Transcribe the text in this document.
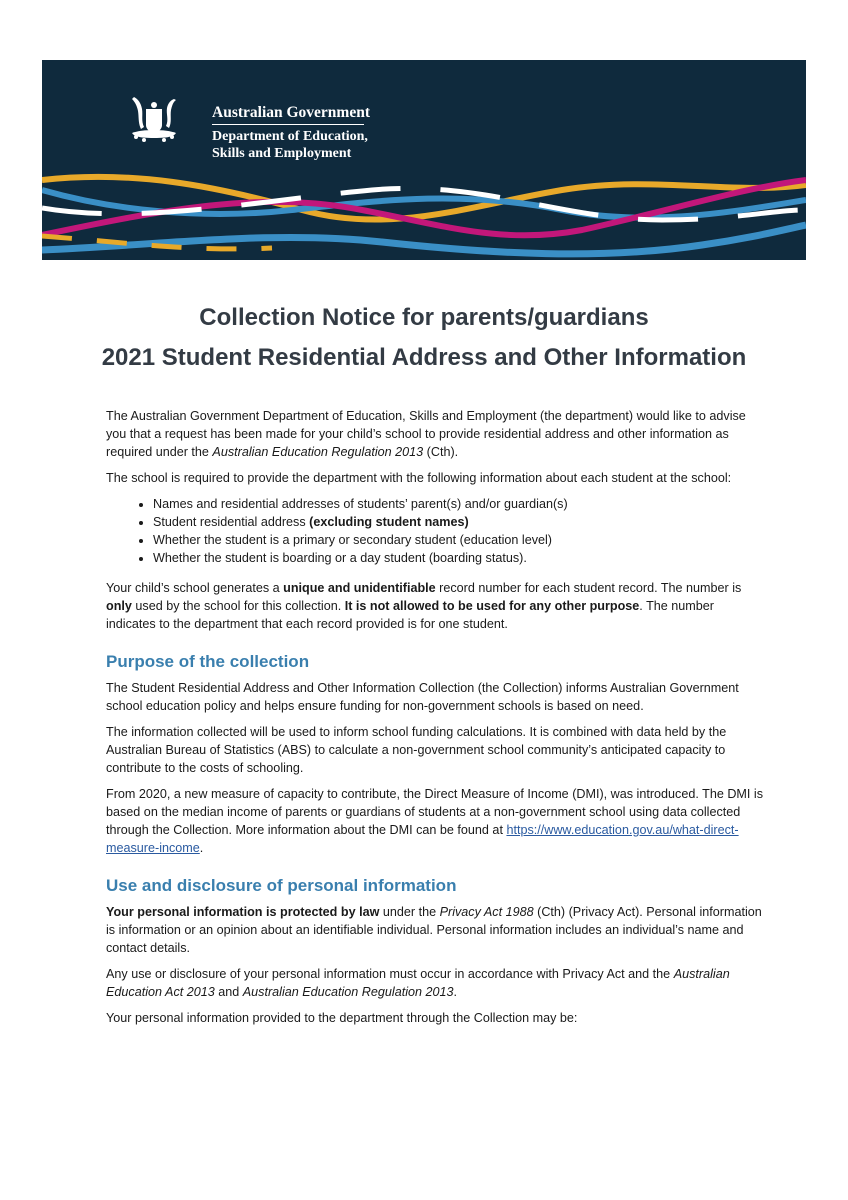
Australian Government
Department of Education,
Skills and Employment
Collection Notice for parents/guardians
2021 Student Residential Address and Other Information

The Australian Government Department of Education, Skills and Employment (the department) would like to advise you that a request has been made for your child’s school to provide residential address and other information as required under the Australian Education Regulation 2013 (Cth).

The school is required to provide the department with the following information about each student at the school:

• Names and residential addresses of students’ parent(s) and/or guardian(s)
• Student residential address (excluding student names)
• Whether the student is a primary or secondary student (education level)
• Whether the student is boarding or a day student (boarding status).

Your child’s school generates a unique and unidentifiable record number for each student record. The number is only used by the school for this collection. It is not allowed to be used for any other purpose. The number indicates to the department that each record provided is for one student.

Purpose of the collection

The Student Residential Address and Other Information Collection (the Collection) informs Australian Government school education policy and helps ensure funding for non-government schools is based on need.

The information collected will be used to inform school funding calculations. It is combined with data held by the Australian Bureau of Statistics (ABS) to calculate a non-government school community’s anticipated capacity to contribute to the costs of schooling.

From 2020, a new measure of capacity to contribute, the Direct Measure of Income (DMI), was introduced. The DMI is based on the median income of parents or guardians of students at a non-government school using data collected through the Collection. More information about the DMI can be found at https://www.education.gov.au/what-direct-measure-income.

Use and disclosure of personal information

Your personal information is protected by law under the Privacy Act 1988 (Cth) (Privacy Act). Personal information is information or an opinion about an identifiable individual. Personal information includes an individual’s name and contact details.

Any use or disclosure of your personal information must occur in accordance with Privacy Act and the Australian Education Act 2013 and Australian Education Regulation 2013.

Your personal information provided to the department through the Collection may be:
